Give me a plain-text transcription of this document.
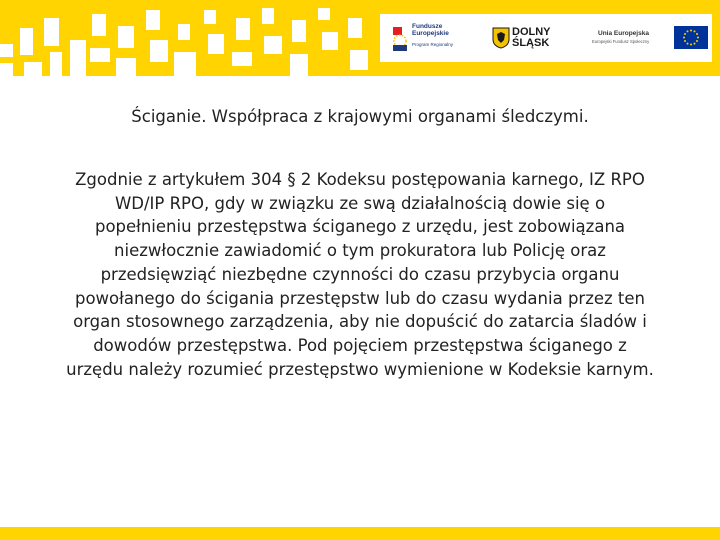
Fundusze
Europejskie
Program Regionalny
DOLNY
ŚLĄSK
Unia Europejska
Europejski Fundusz Społeczny
Ściganie. Współpraca z krajowymi organami śledczymi.
Zgodnie z artykułem 304 § 2 Kodeksu postępowania karnego, IZ RPO
WD/IP RPO, gdy w związku ze swą działalnością dowie się o
popełnieniu przestępstwa ściganego z urzędu, jest zobowiązana
niezwłocznie zawiadomić o tym prokuratora lub Policję oraz
przedsięwziąć niezbędne czynności do czasu przybycia organu
powołanego do ścigania przestępstw lub do czasu wydania przez ten
organ stosownego zarządzenia, aby nie dopuścić do zatarcia śladów i
dowodów przestępstwa. Pod pojęciem przestępstwa ściganego z
urzędu należy rozumieć przestępstwo wymienione w Kodeksie karnym.
